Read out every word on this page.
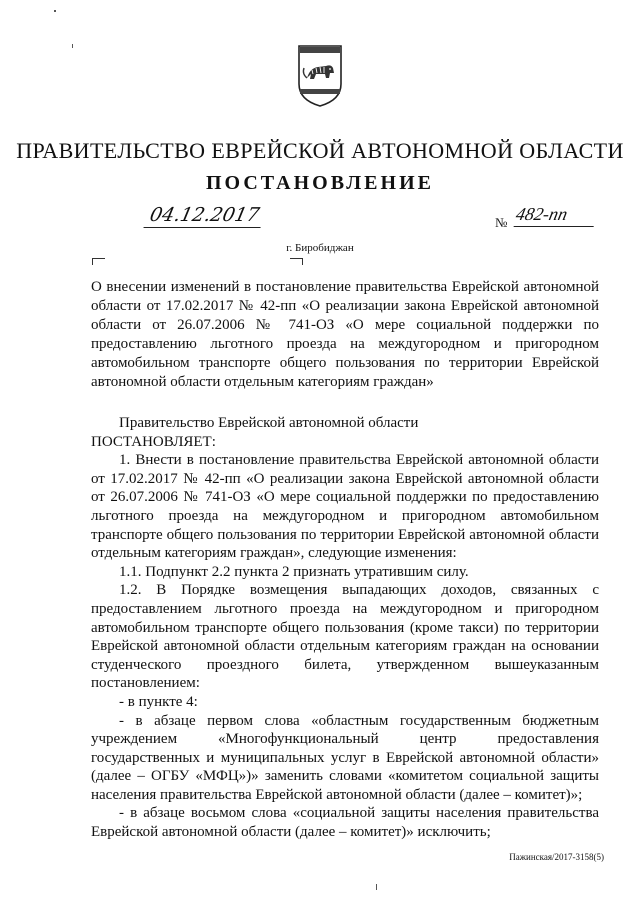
ПРАВИТЕЛЬСТВО ЕВРЕЙСКОЙ АВТОНОМНОЙ ОБЛАСТИ
ПОСТАНОВЛЕНИЕ
04.12.2017	№ 482-пп
г. Биробиджан
О внесении изменений в постановление правительства Еврейской автономной области от 17.02.2017 № 42-пп «О реализации закона Еврейской автономной области от 26.07.2006 № 741-ОЗ «О мере социальной поддержки по предоставлению льготного проезда на междугородном и пригородном автомобильном транспорте общего пользования по территории Еврейской автономной области отдельным категориям граждан»

Правительство Еврейской автономной области

ПОСТАНОВЛЯЕТ:

1. Внести в постановление правительства Еврейской автономной области от 17.02.2017 № 42-пп «О реализации закона Еврейской автономной области от 26.07.2006 № 741-ОЗ «О мере социальной поддержки по предоставлению льготного проезда на междугородном и пригородном автомобильном транспорте общего пользования по территории Еврейской автономной области отдельным категориям граждан», следующие изменения:

1.1. Подпункт 2.2 пункта 2 признать утратившим силу.

1.2. В Порядке возмещения выпадающих доходов, связанных с предоставлением льготного проезда на междугородном и пригородном автомобильном транспорте общего пользования (кроме такси) по территории Еврейской автономной области отдельным категориям граждан на основании студенческого проездного билета, утвержденном вышеуказанным постановлением:

- в пункте 4:

- в абзаце первом слова «областным государственным бюджетным учреждением «Многофункциональный центр предоставления государственных и муниципальных услуг в Еврейской автономной области» (далее – ОГБУ «МФЦ»)» заменить словами «комитетом социальной защиты населения правительства Еврейской автономной области (далее – комитет)»;

- в абзаце восьмом слова «социальной защиты населения правительства Еврейской автономной области (далее – комитет)» исключить;

Пажинская/2017-3158(5)
